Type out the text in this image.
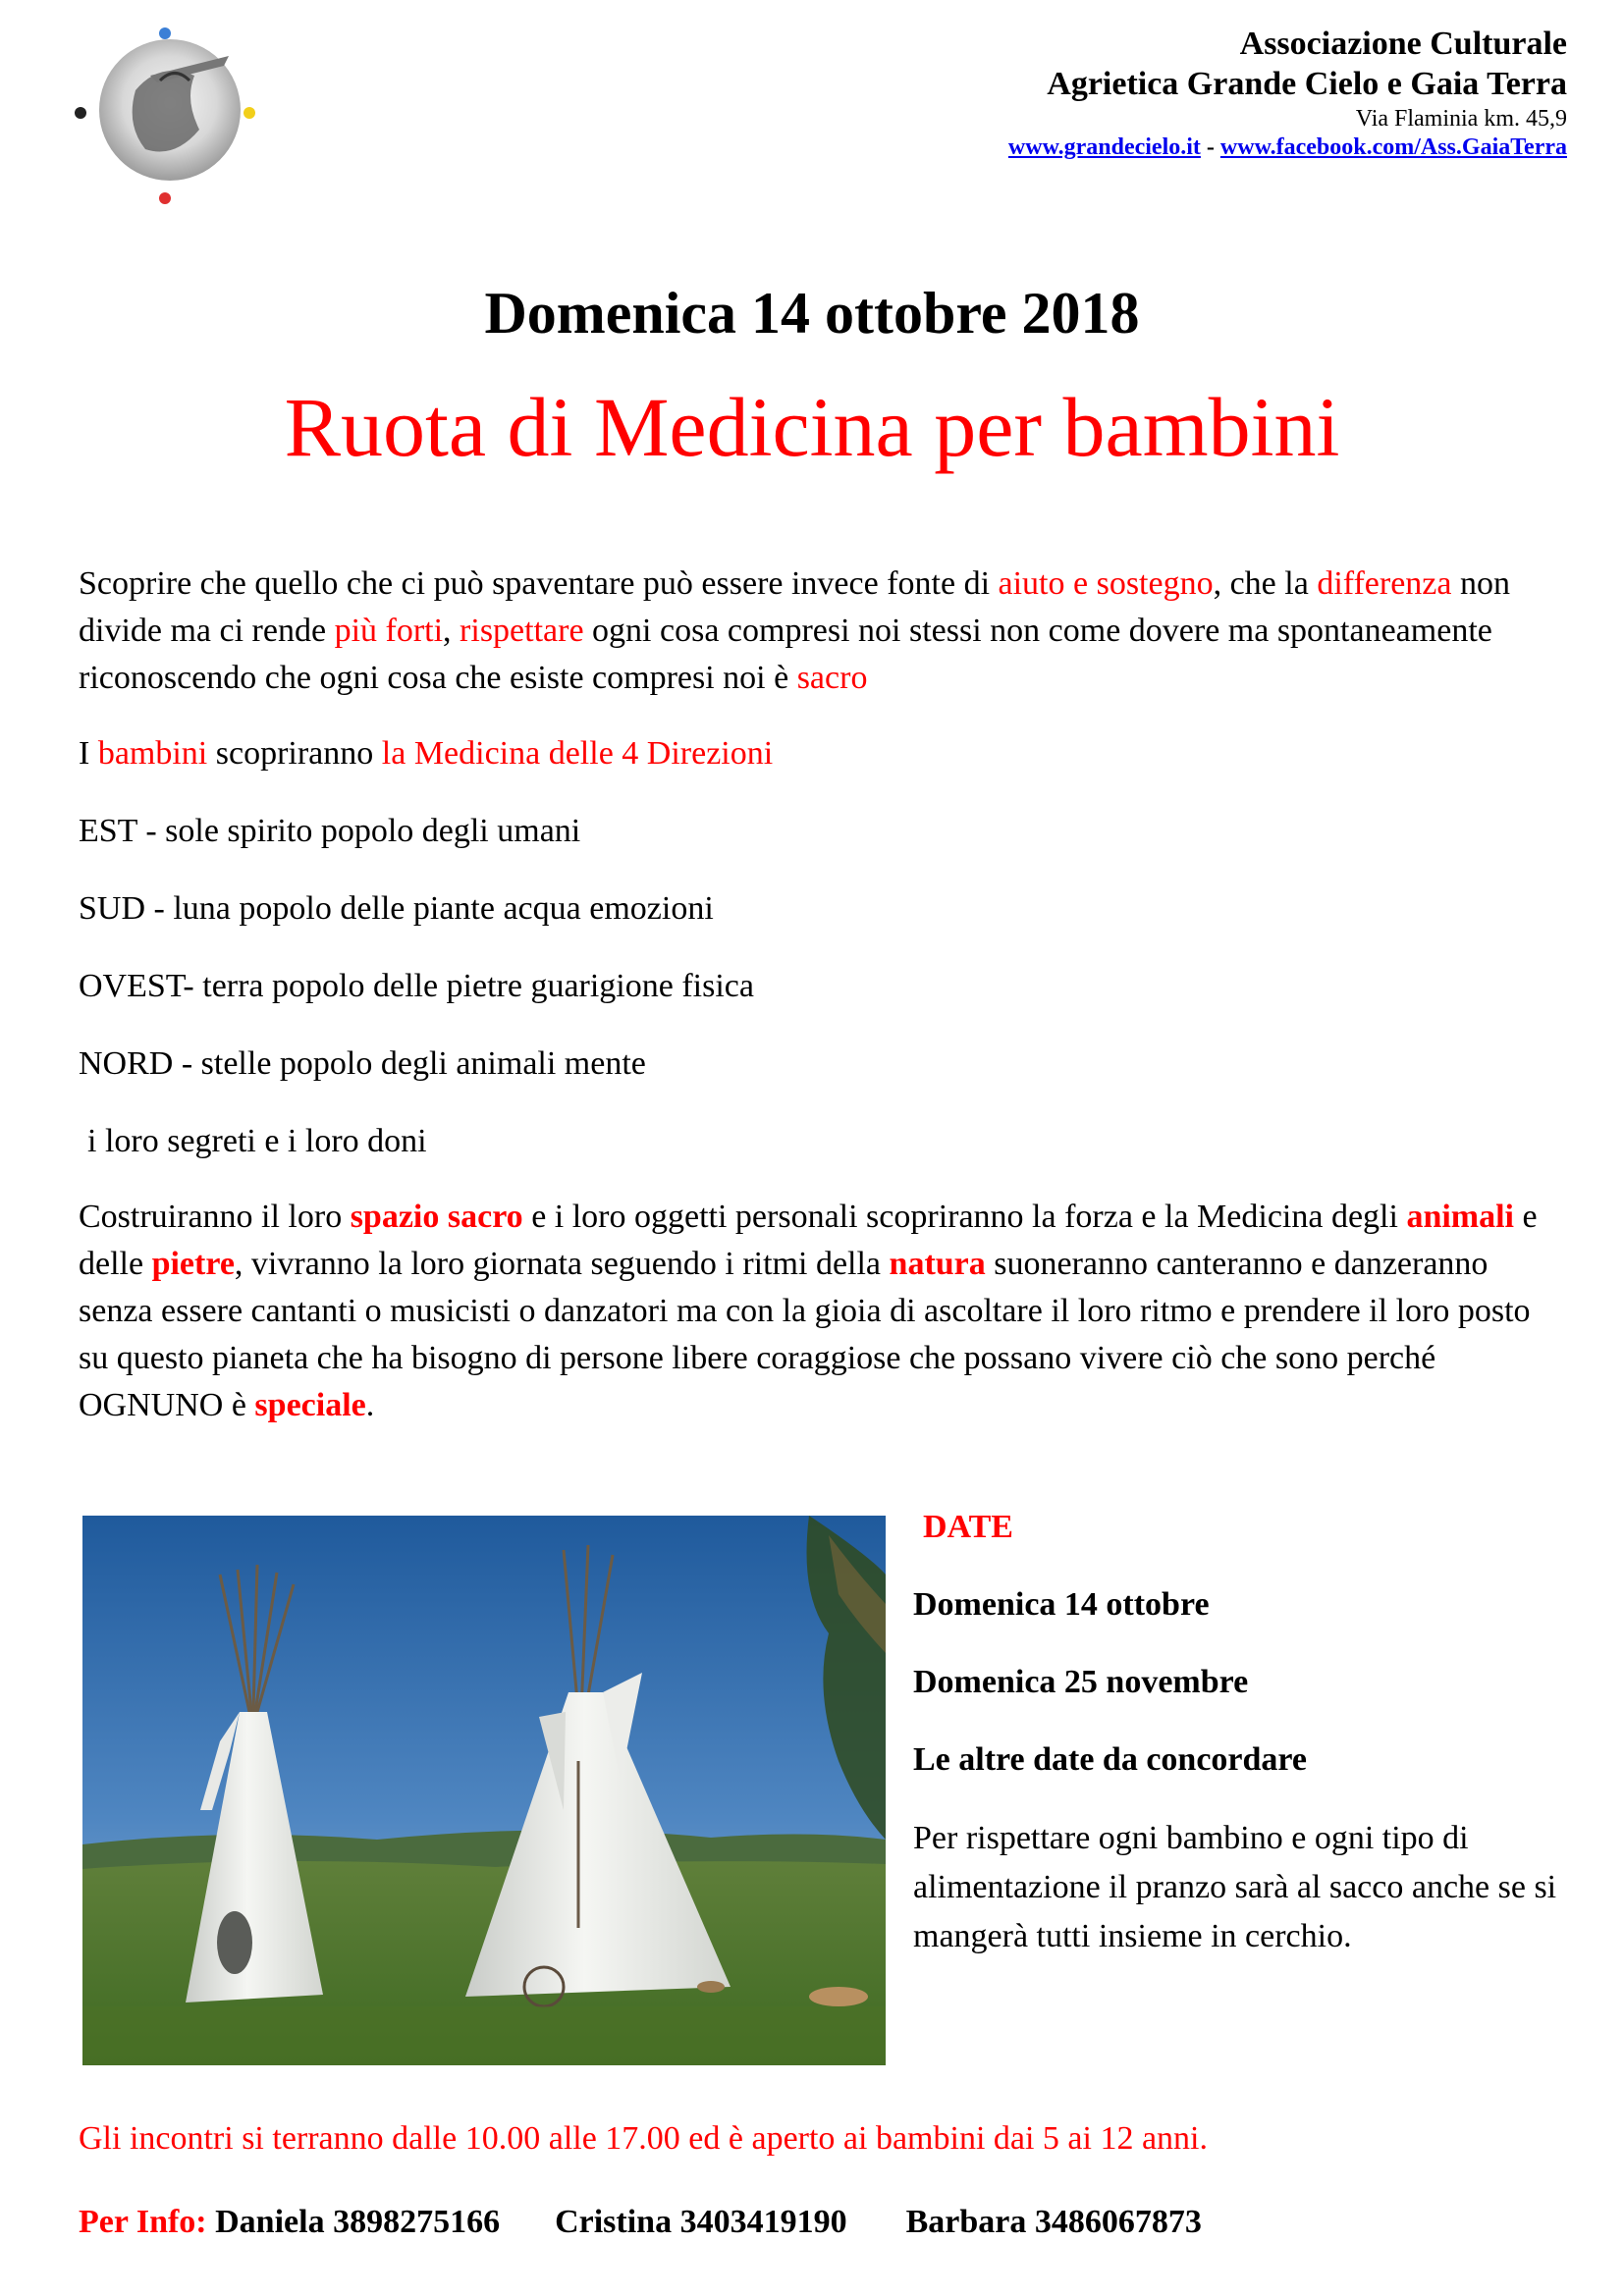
Associazione Culturale
Agrietica Grande Cielo e Gaia Terra
Via Flaminia km. 45,9
www.grandecielo.it - www.facebook.com/Ass.GaiaTerra
Domenica 14 ottobre 2018
Ruota di Medicina per bambini

Scoprire che quello che ci può spaventare può essere invece fonte di aiuto e sostegno, che la differenza non divide ma ci rende più forti, rispettare ogni cosa compresi noi stessi non come dovere ma spontaneamente riconoscendo che ogni cosa che esiste compresi noi è sacro

I bambini scopriranno la Medicina delle 4 Direzioni

EST - sole spirito popolo degli umani

SUD - luna popolo delle piante acqua emozioni

OVEST- terra popolo delle pietre guarigione fisica

NORD - stelle popolo degli animali mente

i loro segreti e i loro doni

Costruiranno il loro spazio sacro e i loro oggetti personali scopriranno la forza e la Medicina degli animali e delle pietre, vivranno la loro giornata seguendo i ritmi della natura suoneranno canteranno e danzeranno senza essere cantanti o musicisti o danzatori ma con la gioia di ascoltare il loro ritmo e prendere il loro posto su questo pianeta che ha bisogno di persone libere coraggiose che possano vivere ciò che sono perché OGNUNO è speciale.

DATE

Domenica 14 ottobre

Domenica 25 novembre

Le altre date da concordare

Per rispettare ogni bambino e ogni tipo di alimentazione il pranzo sarà al sacco anche se si mangerà tutti insieme in cerchio.

Gli incontri si terranno dalle 10.00 alle 17.00 ed è aperto ai bambini dai 5 ai 12 anni.
Per Info: Daniela 3898275166 Cristina 3403419190 Barbara 3486067873
